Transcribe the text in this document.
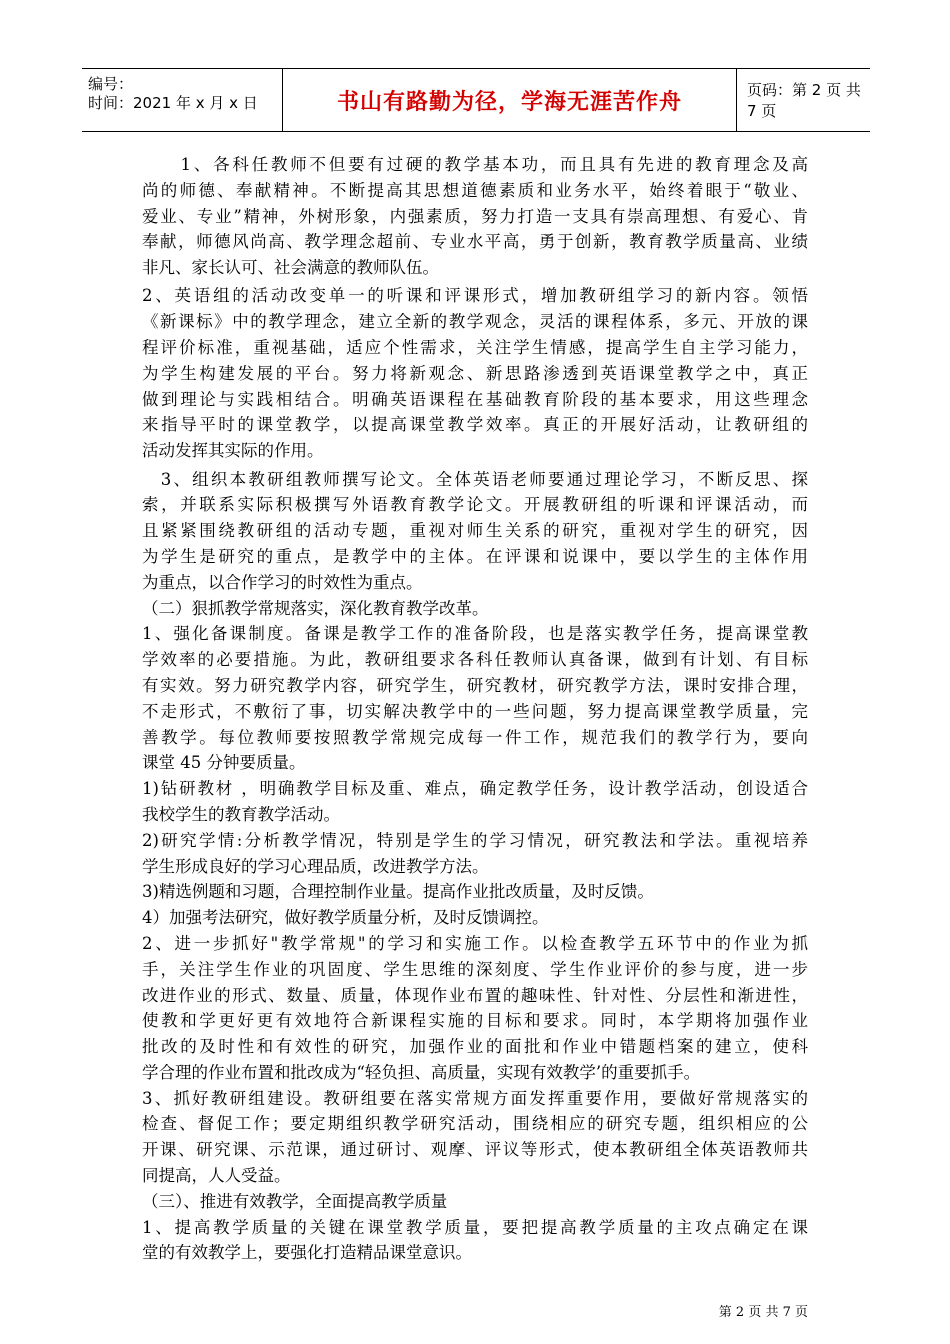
编号：
时间：2021 年 x 月 x 日	书山有路勤为径，学海无涯苦作舟	页码：第 2 页 共 7 页
　　1、各科任教师不但要有过硬的教学基本功，而且具有先进的教育理念及高
尚的师德、奉献精神。不断提高其思想道德素质和业务水平，始终着眼于“敬业、
爱业、专业”精神，外树形象，内强素质，努力打造一支具有崇高理想、有爱心、肯
奉献，师德风尚高、教学理念超前、专业水平高，勇于创新，教育教学质量高、业绩
非凡、家长认可、社会满意的教师队伍。
2、英语组的活动改变单一的听课和评课形式，增加教研组学习的新内容。领悟
《新课标》中的教学理念，建立全新的教学观念，灵活的课程体系，多元、开放的课
程评价标准，重视基础，适应个性需求，关注学生情感，提高学生自主学习能力，
为学生构建发展的平台。努力将新观念、新思路渗透到英语课堂教学之中，真正
做到理论与实践相结合。明确英语课程在基础教育阶段的基本要求，用这些理念
来指导平时的课堂教学，以提高课堂教学效率。真正的开展好活动，让教研组的
活动发挥其实际的作用。
　3、组织本教研组教师撰写论文。全体英语老师要通过理论学习，不断反思、探
索，并联系实际积极撰写外语教育教学论文。开展教研组的听课和评课活动，而
且紧紧围绕教研组的活动专题，重视对师生关系的研究，重视对学生的研究，因
为学生是研究的重点，是教学中的主体。在评课和说课中，要以学生的主体作用
为重点，以合作学习的时效性为重点。
（二）狠抓教学常规落实，深化教育教学改革。
1、强化备课制度。备课是教学工作的准备阶段，也是落实教学任务，提高课堂教
学效率的必要措施。为此，教研组要求各科任教师认真备课，做到有计划、有目标
有实效。努力研究教学内容，研究学生，研究教材，研究教学方法，课时安排合理，
不走形式，不敷衍了事，切实解决教学中的一些问题，努力提高课堂教学质量，完
善教学。每位教师要按照教学常规完成每一件工作，规范我们的教学行为，要向
课堂 45 分钟要质量。
1)钻研教材 ，明确教学目标及重、难点，确定教学任务，设计教学活动，创设适合
我校学生的教育教学活动。
2)研究学情:分析教学情况，特别是学生的学习情况，研究教法和学法。重视培养
学生形成良好的学习心理品质，改进教学方法。
3)精选例题和习题，合理控制作业量。提高作业批改质量，及时反馈。
4）加强考法研究，做好教学质量分析，及时反馈调控。
2、进一步抓好"教学常规"的学习和实施工作。以检查教学五环节中的作业为抓
手，关注学生作业的巩固度、学生思维的深刻度、学生作业评价的参与度，进一步
改进作业的形式、数量、质量，体现作业布置的趣味性、针对性、分层性和渐进性，
使教和学更好更有效地符合新课程实施的目标和要求。同时，本学期将加强作业
批改的及时性和有效性的研究，加强作业的面批和作业中错题档案的建立，使科
学合理的作业布置和批改成为“轻负担、高质量，实现有效教学’的重要抓手。
3、抓好教研组建设。教研组要在落实常规方面发挥重要作用，要做好常规落实的
检查、督促工作；要定期组织教学研究活动，围绕相应的研究专题，组织相应的公
开课、研究课、示范课，通过研讨、观摩、评议等形式，使本教研组全体英语教师共
同提高，人人受益。
（三）、推进有效教学，全面提高教学质量
1、提高教学质量的关键在课堂教学质量，要把提高教学质量的主攻点确定在课
堂的有效教学上，要强化打造精品课堂意识。
第 2 页 共 7 页
